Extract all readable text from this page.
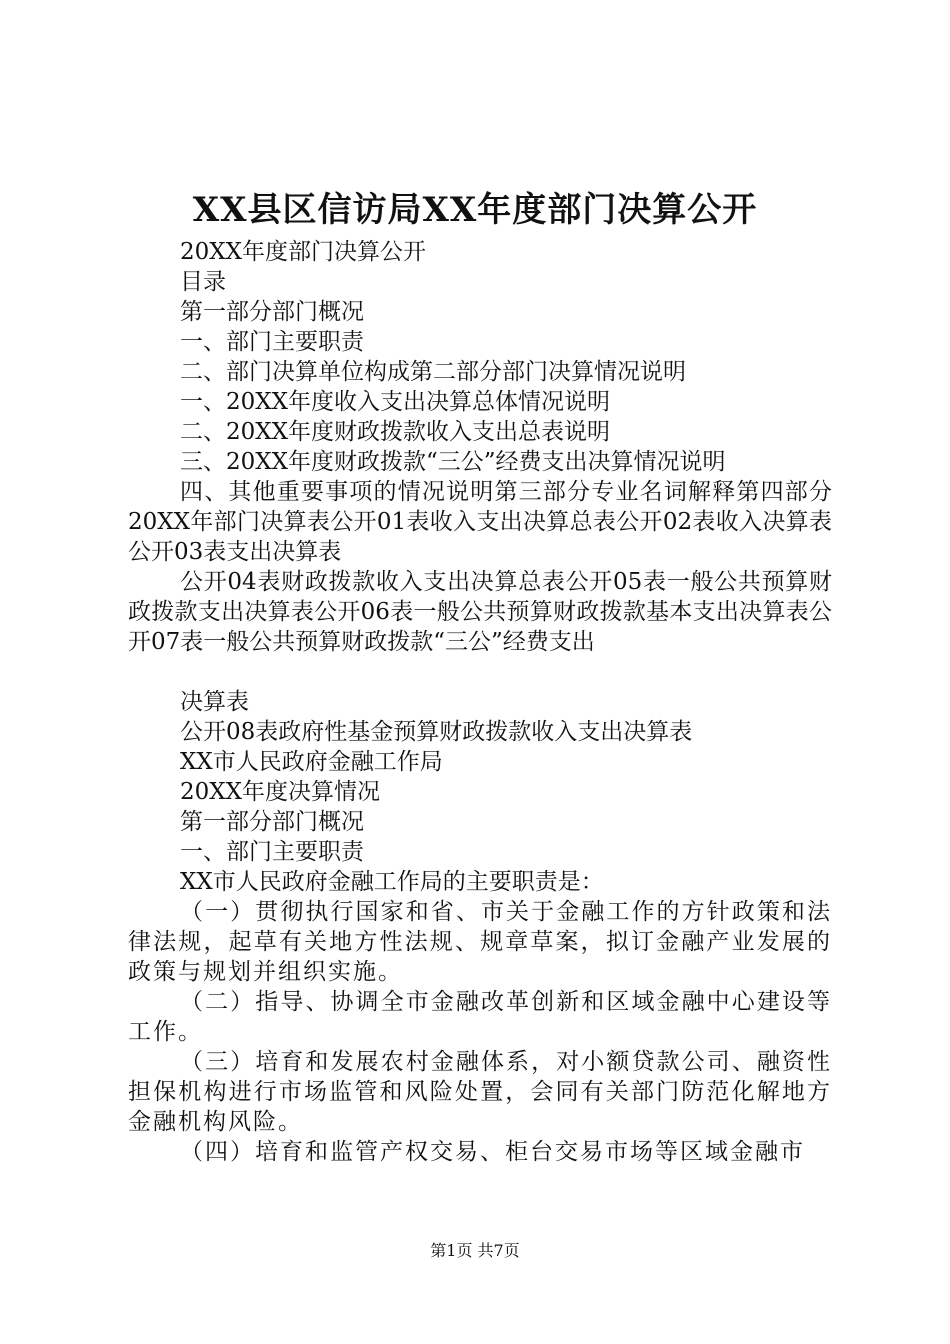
XX县区信访局XX年度部门决算公开
20XX年度部门决算公开
目录
第一部分部门概况
一、部门主要职责
二、部门决算单位构成第二部分部门决算情况说明
一、20XX年度收入支出决算总体情况说明
二、20XX年度财政拨款收入支出总表说明
三、20XX年度财政拨款“三公”经费支出决算情况说明
四、其他重要事项的情况说明第三部分专业名词解释第四部分20XX年部门决算表公开01表收入支出决算总表公开02表收入决算表公开03表支出决算表
公开04表财政拨款收入支出决算总表公开05表一般公共预算财政拨款支出决算表公开06表一般公共预算财政拨款基本支出决算表公开07表一般公共预算财政拨款“三公”经费支出
决算表
公开08表政府性基金预算财政拨款收入支出决算表
XX市人民政府金融工作局
20XX年度决算情况
第一部分部门概况
一、部门主要职责
XX市人民政府金融工作局的主要职责是：
（一）贯彻执行国家和省、市关于金融工作的方针政策和法律法规，起草有关地方性法规、规章草案，拟订金融产业发展的政策与规划并组织实施。
（二）指导、协调全市金融改革创新和区域金融中心建设等工作。
（三）培育和发展农村金融体系，对小额贷款公司、融资性担保机构进行市场监管和风险处置，会同有关部门防范化解地方金融机构风险。
（四）培育和监管产权交易、柜台交易市场等区域金融市
第1页 共7页
